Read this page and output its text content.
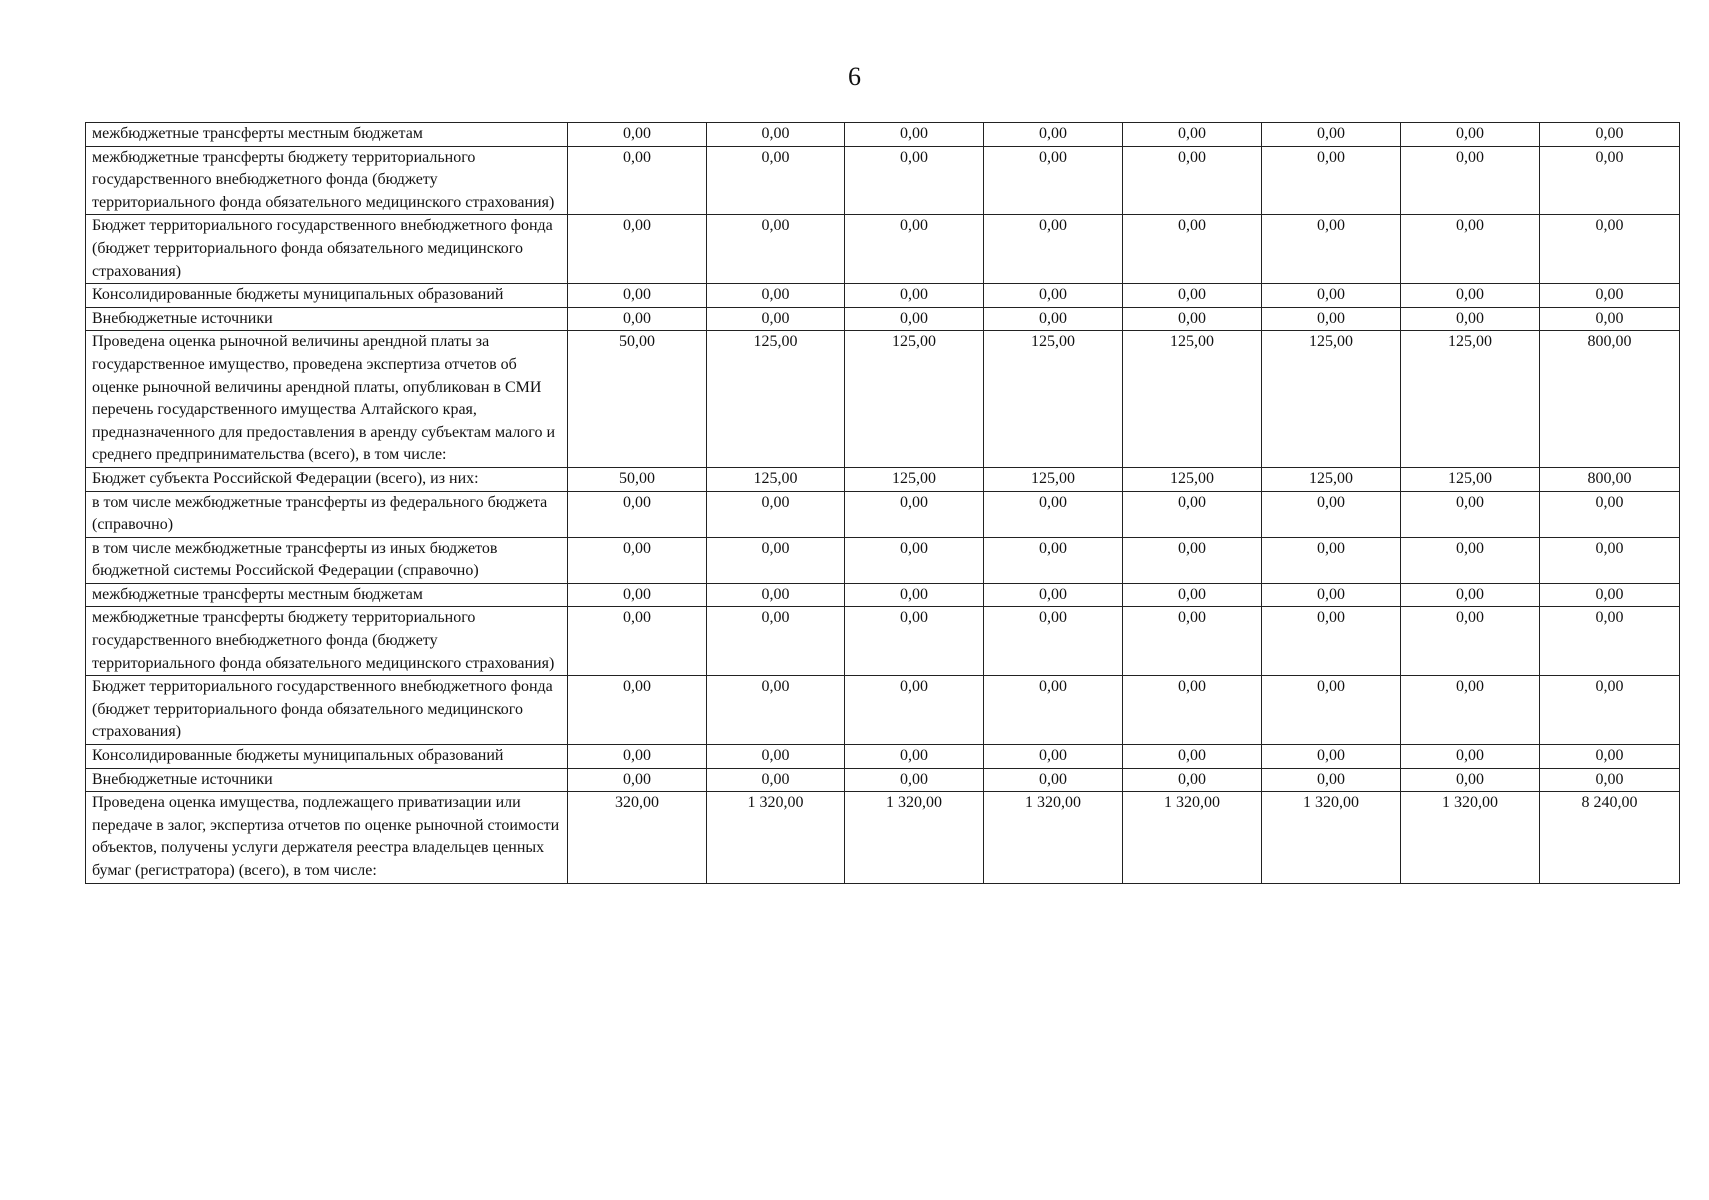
6
межбюджетные трансферты местным бюджетам	0,00	0,00	0,00	0,00	0,00	0,00	0,00	0,00
межбюджетные трансферты бюджету территориального государственного внебюджетного фонда (бюджету территориального фонда обязательного медицинского страхования)	0,00	0,00	0,00	0,00	0,00	0,00	0,00	0,00
Бюджет территориального государственного внебюджетного фонда (бюджет территориального фонда обязательного медицинского страхования)	0,00	0,00	0,00	0,00	0,00	0,00	0,00	0,00
Консолидированные бюджеты муниципальных образований	0,00	0,00	0,00	0,00	0,00	0,00	0,00	0,00
Внебюджетные источники	0,00	0,00	0,00	0,00	0,00	0,00	0,00	0,00
Проведена оценка рыночной величины арендной платы за государственное имущество, проведена экспертиза отчетов об оценке рыночной величины арендной платы, опубликован в СМИ перечень государственного имущества Алтайского края, предназначенного для предоставления в аренду субъектам малого и среднего предпринимательства (всего), в том числе:	50,00	125,00	125,00	125,00	125,00	125,00	125,00	800,00
Бюджет субъекта Российской Федерации (всего), из них:	50,00	125,00	125,00	125,00	125,00	125,00	125,00	800,00
в том числе межбюджетные трансферты из федерального бюджета (справочно)	0,00	0,00	0,00	0,00	0,00	0,00	0,00	0,00
в том числе межбюджетные трансферты из иных бюджетов бюджетной системы Российской Федерации (справочно)	0,00	0,00	0,00	0,00	0,00	0,00	0,00	0,00
межбюджетные трансферты местным бюджетам	0,00	0,00	0,00	0,00	0,00	0,00	0,00	0,00
межбюджетные трансферты бюджету территориального государственного внебюджетного фонда (бюджету территориального фонда обязательного медицинского страхования)	0,00	0,00	0,00	0,00	0,00	0,00	0,00	0,00
Бюджет территориального государственного внебюджетного фонда (бюджет территориального фонда обязательного медицинского страхования)	0,00	0,00	0,00	0,00	0,00	0,00	0,00	0,00
Консолидированные бюджеты муниципальных образований	0,00	0,00	0,00	0,00	0,00	0,00	0,00	0,00
Внебюджетные источники	0,00	0,00	0,00	0,00	0,00	0,00	0,00	0,00
Проведена оценка имущества, подлежащего приватизации или передаче в залог, экспертиза отчетов по оценке рыночной стоимости объектов, получены услуги держателя реестра владельцев ценных бумаг (регистратора) (всего), в том числе:	320,00	1 320,00	1 320,00	1 320,00	1 320,00	1 320,00	1 320,00	8 240,00
